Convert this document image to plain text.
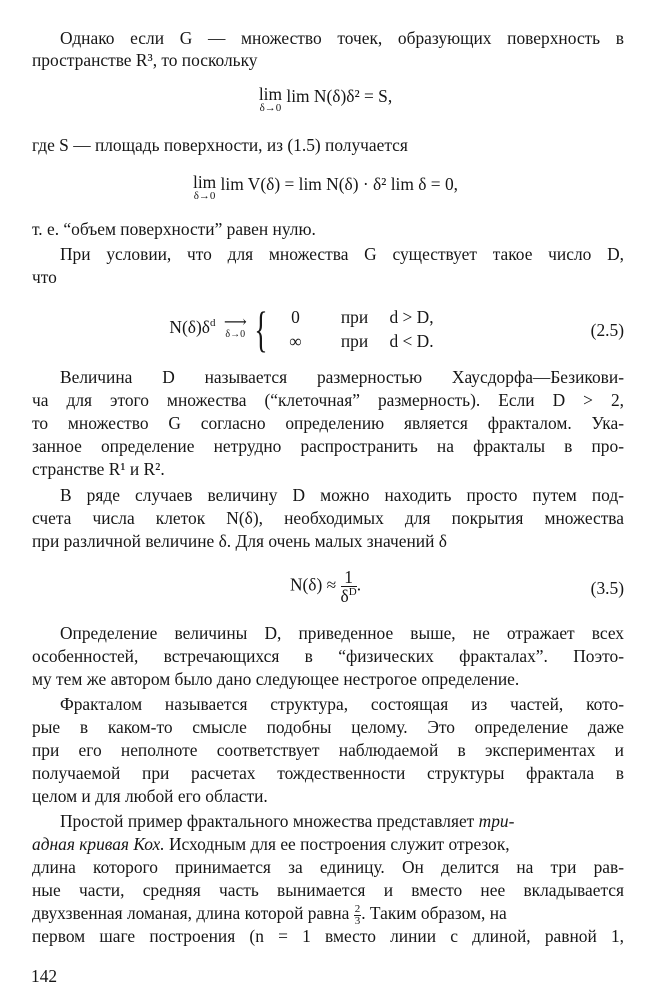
Однако если G — множество точек, образующих поверхность в
пространстве R³, то поскольку
lim
δ→0
lim N(δ)δ² = S,
где S — площадь поверхности, из (1.5) получается
lim
δ→0
lim V(δ) = lim N(δ) · δ² lim δ = 0,
т. е. “объем поверхности” равен нулю.
При условии, что для множества G существует такое число D,
что
$N(\delta)\delta^d$ ⟶
δ→0 {	0 при d > D,
∞ при d < D.
(2.5)
Величина D называется размерностью Хаусдорфа—Безикови-
ча для этого множества (“клеточная” размерность). Если D > 2,
то множество G согласно определению является фракталом. Ука-
занное определение нетрудно распространить на фракталы в про-
странстве R¹ и R².
В ряде случаев величину D можно находить просто путем под-
счета числа клеток N(δ), необходимых для покрытия множества
при различной величине δ. Для очень малых значений δ
$N(\delta) \approx \frac{1}{\delta^D}$ .	(3.5)
Определение величины D, приведенное выше, не отражает всех
особенностей, встречающихся в “физических фракталах”. Поэто-
му тем же автором было дано следующее нестрогое определение.
Фракталом называется структура, состоящая из частей, кото-
рые в каком-то смысле подобны целому. Это определение даже
при его неполноте соответствует наблюдаемой в экспериментах и
получаемой при расчетах тождественности структуры фрактала в
целом и для любой его области.
Простой пример фрактального множества представляет три-
адная кривая Кох. Исходным для ее построения служит отрезок,
длина которого принимается за единицу. Он делится на три рав-
ные части, средняя часть вынимается и вместо нее вкладывается
двухзвенная ломаная, длина которой равна $\frac{2}{3}$. Таким образом, на
первом шаге построения (n = 1 вместо линии с длиной, равной 1,
142
